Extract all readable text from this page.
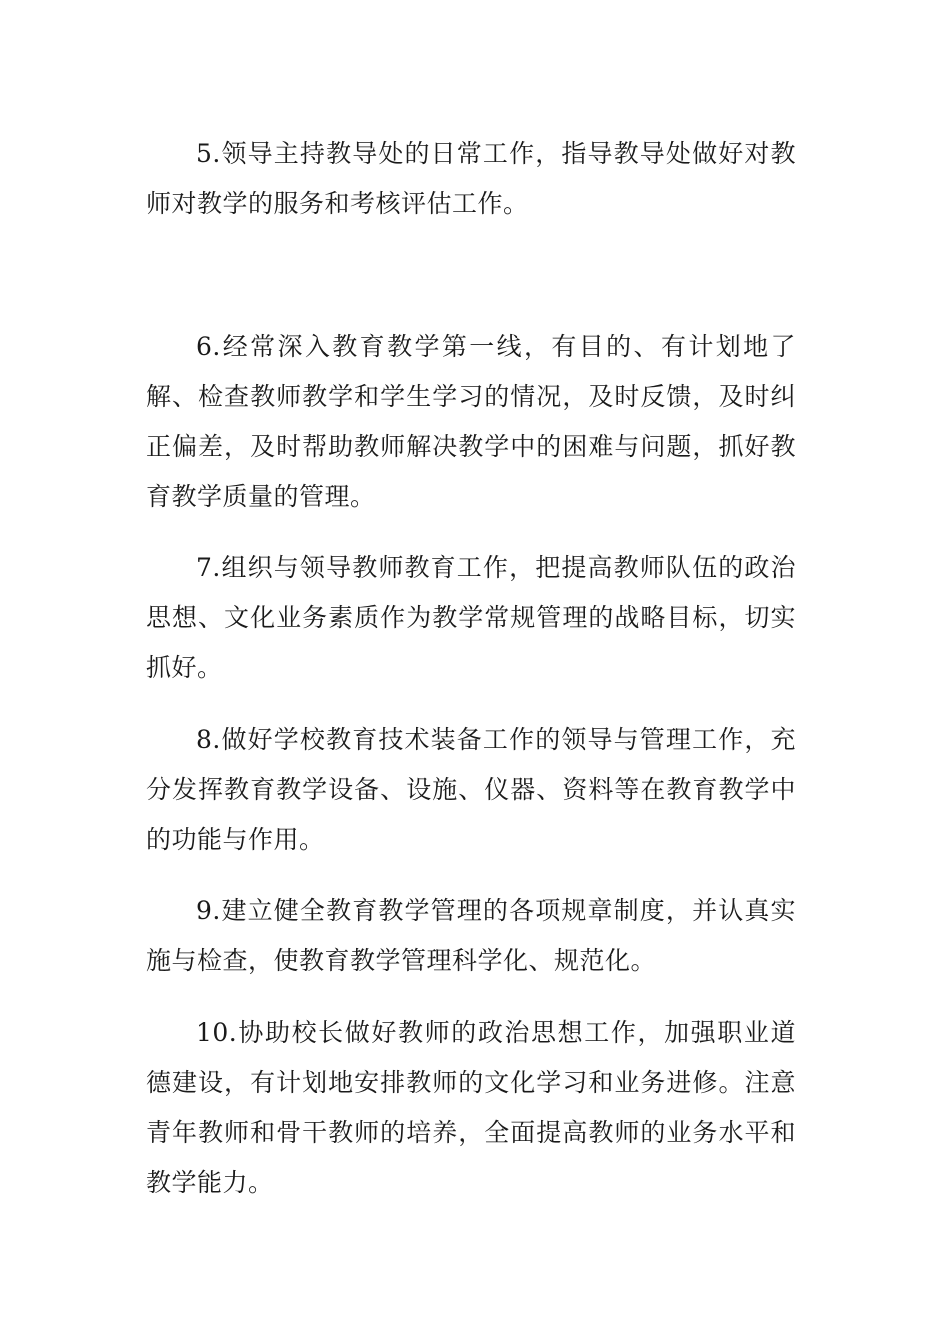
5.领导主持教导处的日常工作，指导教导处做好对教师对教学的服务和考核评估工作。

6.经常深入教育教学第一线，有目的、有计划地了解、检查教师教学和学生学习的情况，及时反馈，及时纠正偏差，及时帮助教师解决教学中的困难与问题，抓好教育教学质量的管理。

7.组织与领导教师教育工作，把提高教师队伍的政治思想、文化业务素质作为教学常规管理的战略目标，切实抓好。

8.做好学校教育技术装备工作的领导与管理工作，充分发挥教育教学设备、设施、仪器、资料等在教育教学中的功能与作用。

9.建立健全教育教学管理的各项规章制度，并认真实施与检查，使教育教学管理科学化、规范化。

10.协助校长做好教师的政治思想工作，加强职业道德建设，有计划地安排教师的文化学习和业务进修。注意青年教师和骨干教师的培养，全面提高教师的业务水平和教学能力。
